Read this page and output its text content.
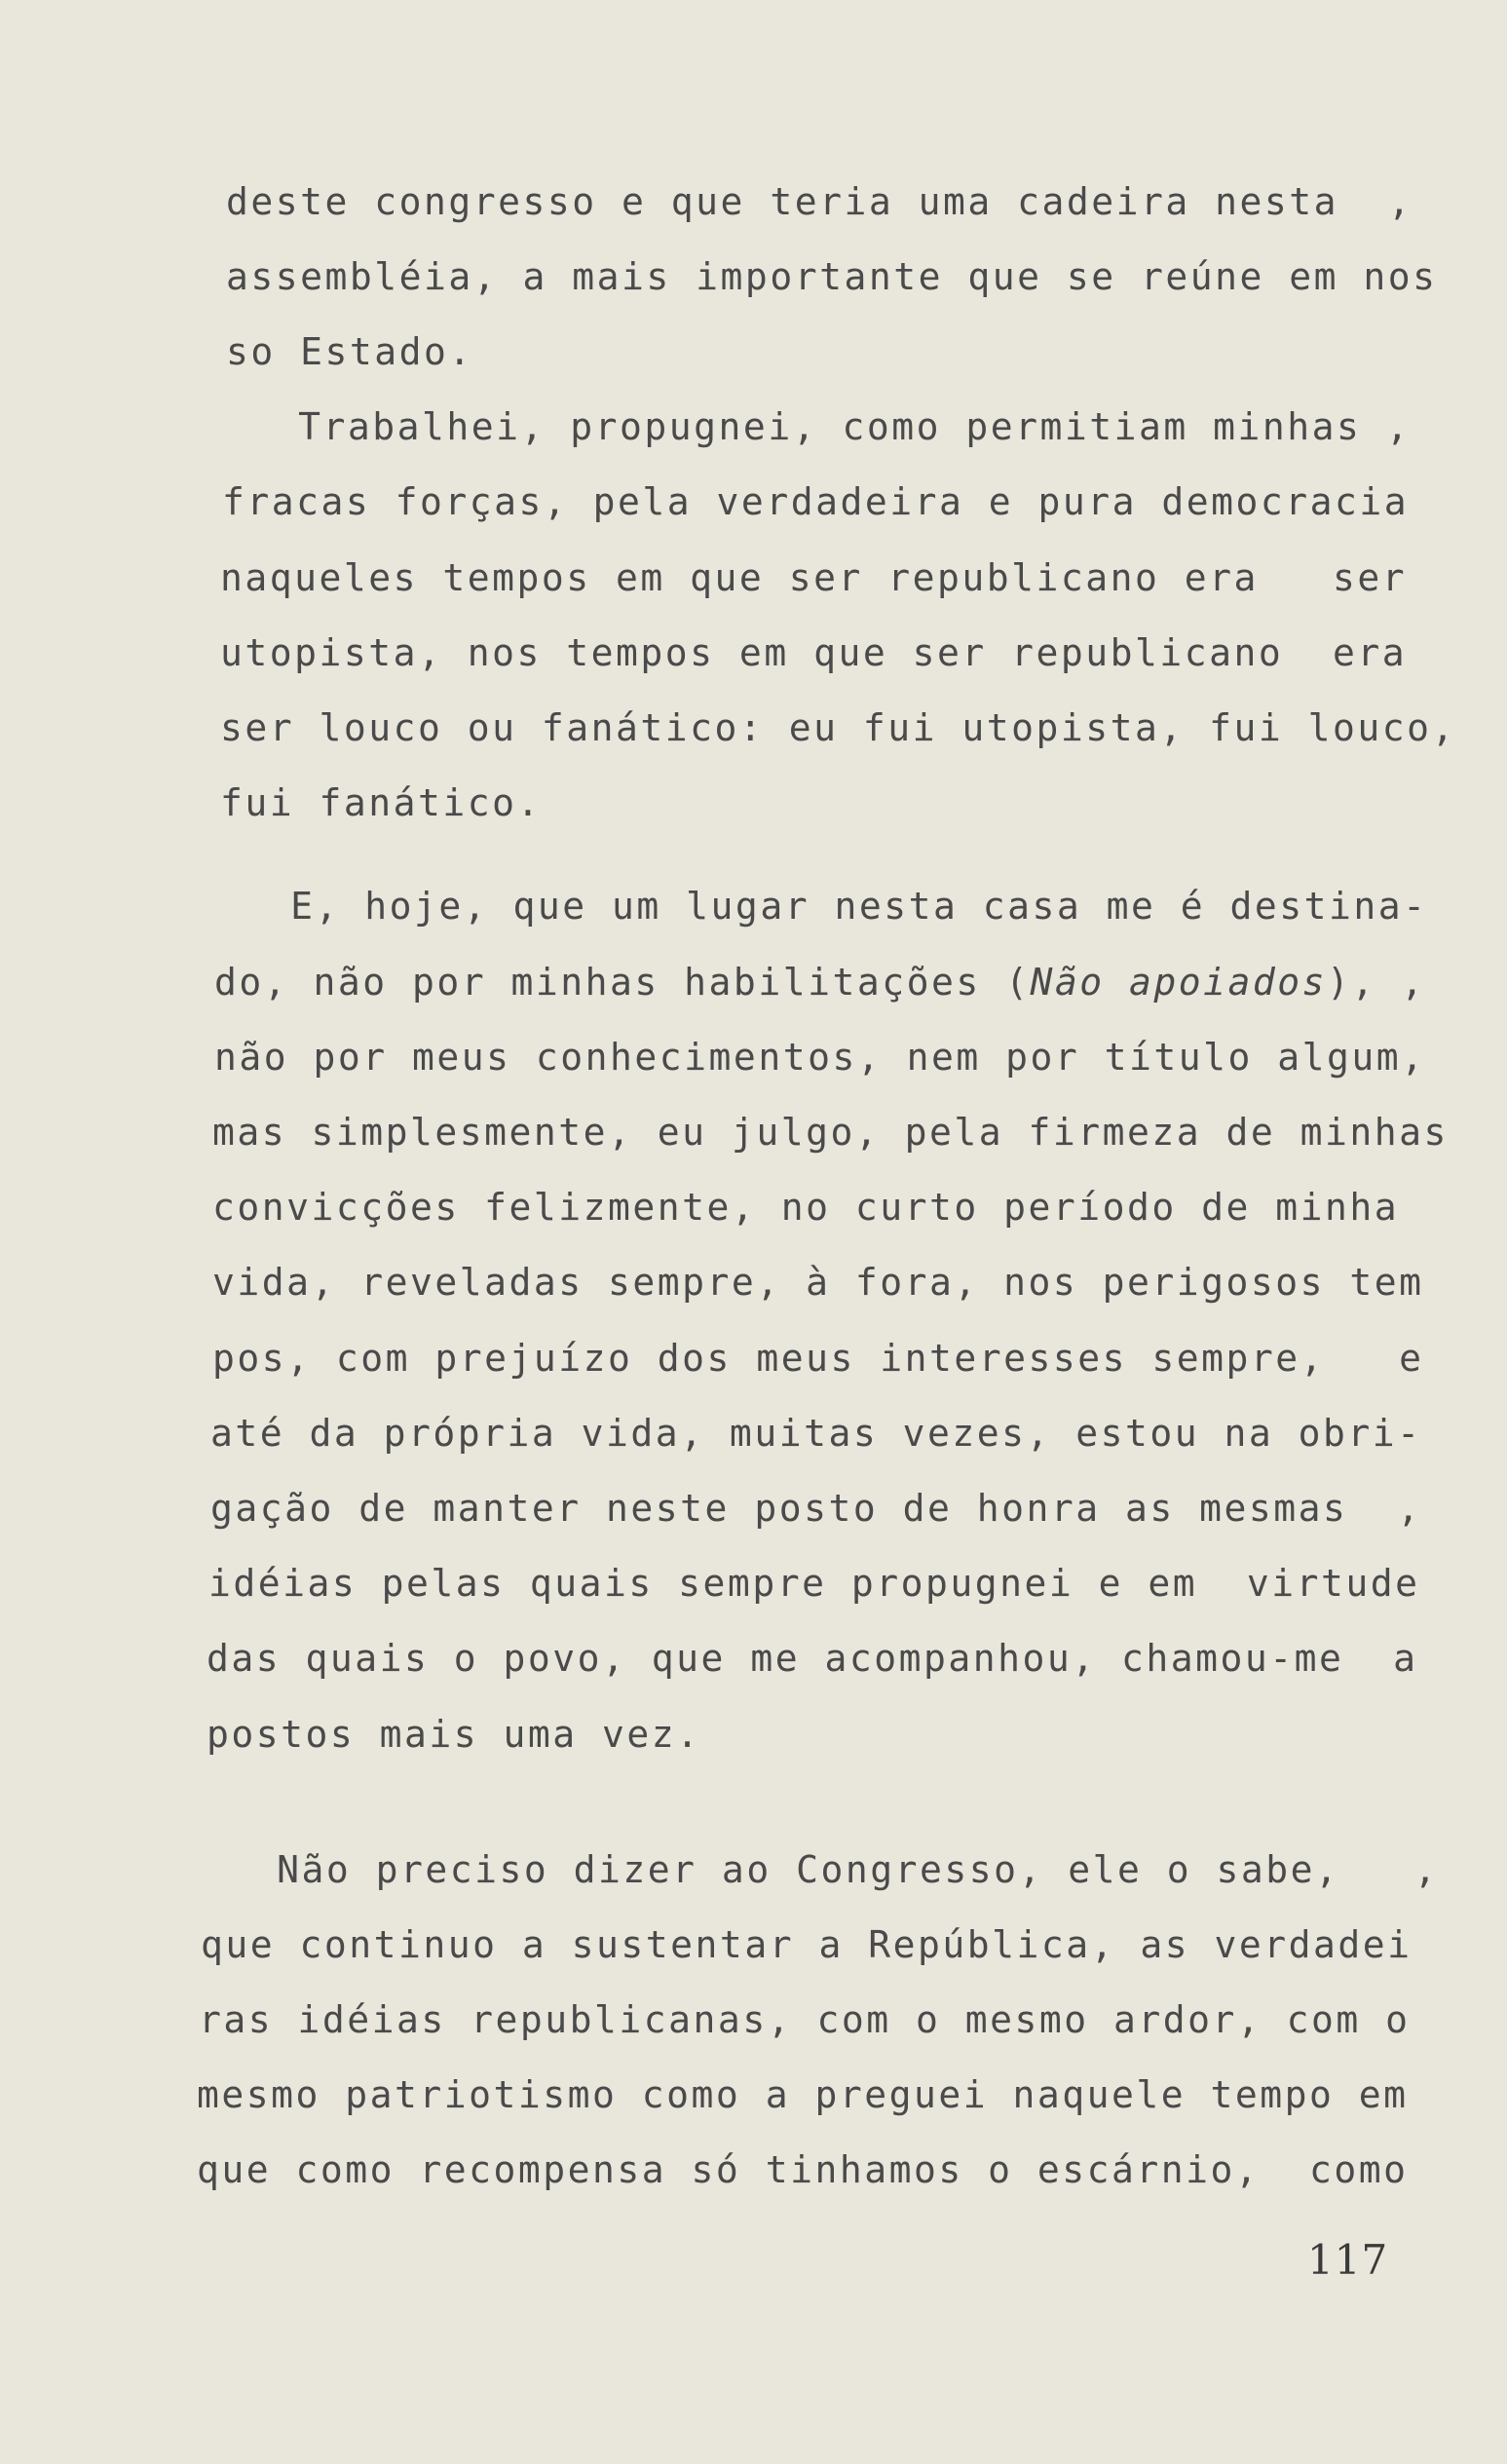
deste congresso e que teria uma cadeira nesta  ,
assembléia, a mais importante que se reúne em nos
so Estado.
Trabalhei, propugnei, como permitiam minhas ,
fracas forças, pela verdadeira e pura democracia
naqueles tempos em que ser republicano era   ser
utopista, nos tempos em que ser republicano  era
ser louco ou fanático: eu fui utopista, fui louco,
fui fanático.
E, hoje, que um lugar nesta casa me é destina-
do, não por minhas habilitações (Não apoiados), ,
não por meus conhecimentos, nem por título algum,
mas simplesmente, eu julgo, pela firmeza de minhas
convicções felizmente, no curto período de minha
vida, reveladas sempre, à fora, nos perigosos tem
pos, com prejuízo dos meus interesses sempre,   e
até da própria vida, muitas vezes, estou na obri-
gação de manter neste posto de honra as mesmas  ,
idéias pelas quais sempre propugnei e em  virtude
das quais o povo, que me acompanhou, chamou-me  a
postos mais uma vez.
Não preciso dizer ao Congresso, ele o sabe,   ,
que continuo a sustentar a República, as verdadei
ras idéias republicanas, com o mesmo ardor, com o
mesmo patriotismo como a preguei naquele tempo em
que como recompensa só tinhamos o escárnio,  como
117
